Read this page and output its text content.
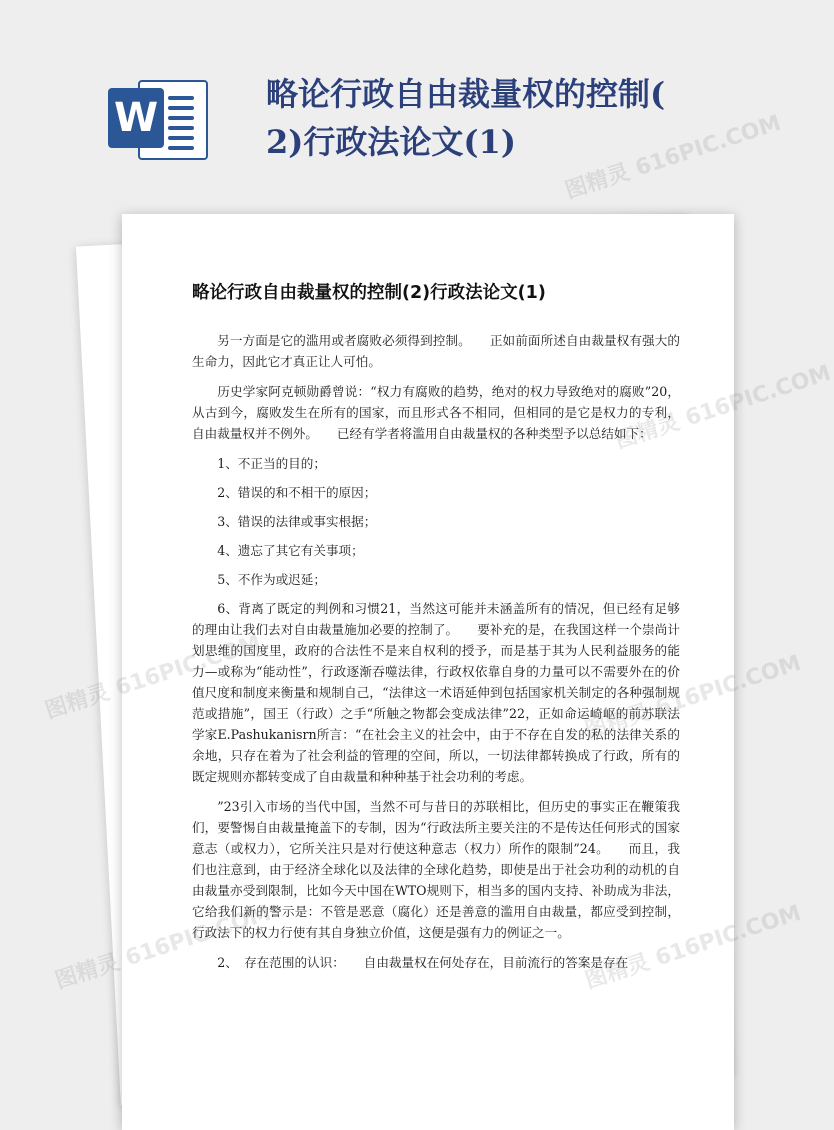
W
略论行政自由裁量权的控制(
2)行政法论文(1)
略论行政自由裁量权的控制(2)行政法论文(1)

另一方面是它的滥用或者腐败必须得到控制。　　正如前面所述自由裁量权有强大的生命力，因此它才真正让人可怕。

历史学家阿克顿勋爵曾说：“权力有腐败的趋势，绝对的权力导致绝对的腐败”20，从古到今，腐败发生在所有的国家，而且形式各不相同，但相同的是它是权力的专利，自由裁量权并不例外。　　已经有学者将滥用自由裁量权的各种类型予以总结如下：

1、不正当的目的；

2、错误的和不相干的原因；

3、错误的法律或事实根据；

4、遗忘了其它有关事项；

5、不作为或迟延；

6、背离了既定的判例和习惯21，当然这可能并未涵盖所有的情况，但已经有足够的理由让我们去对自由裁量施加必要的控制了。　　要补充的是，在我国这样一个崇尚计划思维的国度里，政府的合法性不是来自权利的授予，而是基于其为人民利益服务的能力—或称为“能动性”，行政逐渐吞噬法律，行政权依靠自身的力量可以不需要外在的价值尺度和制度来衡量和规制自己，“法律这一术语延伸到包括国家机关制定的各种强制规范或措施”，国王（行政）之手“所触之物都会变成法律”22，正如命运崎岖的前苏联法学家E.Pashukanisrn所言：“在社会主义的社会中，由于不存在自发的私的法律关系的余地，只存在着为了社会利益的管理的空间，所以，一切法律都转换成了行政，所有的既定规则亦都转变成了自由裁量和种种基于社会功利的考虑。

”23引入市场的当代中国，当然不可与昔日的苏联相比，但历史的事实正在鞭策我们，要警惕自由裁量掩盖下的专制，因为“行政法所主要关注的不是传达任何形式的国家意志（或权力），它所关注只是对行使这种意志（权力）所作的限制”24。　　而且，我们也注意到，由于经济全球化以及法律的全球化趋势，即使是出于社会功利的动机的自由裁量亦受到限制，比如今天中国在WTO规则下，相当多的国内支持、补助成为非法，它给我们新的警示是：不管是恶意（腐化）还是善意的滥用自由裁量，都应受到控制，行政法下的权力行使有其自身独立价值，这便是强有力的例证之一。

2、　存在范围的认识：　　自由裁量权在何处存在，目前流行的答案是存在

图精灵 616PIC.COM
616PIC.COM
图精灵
图精灵
